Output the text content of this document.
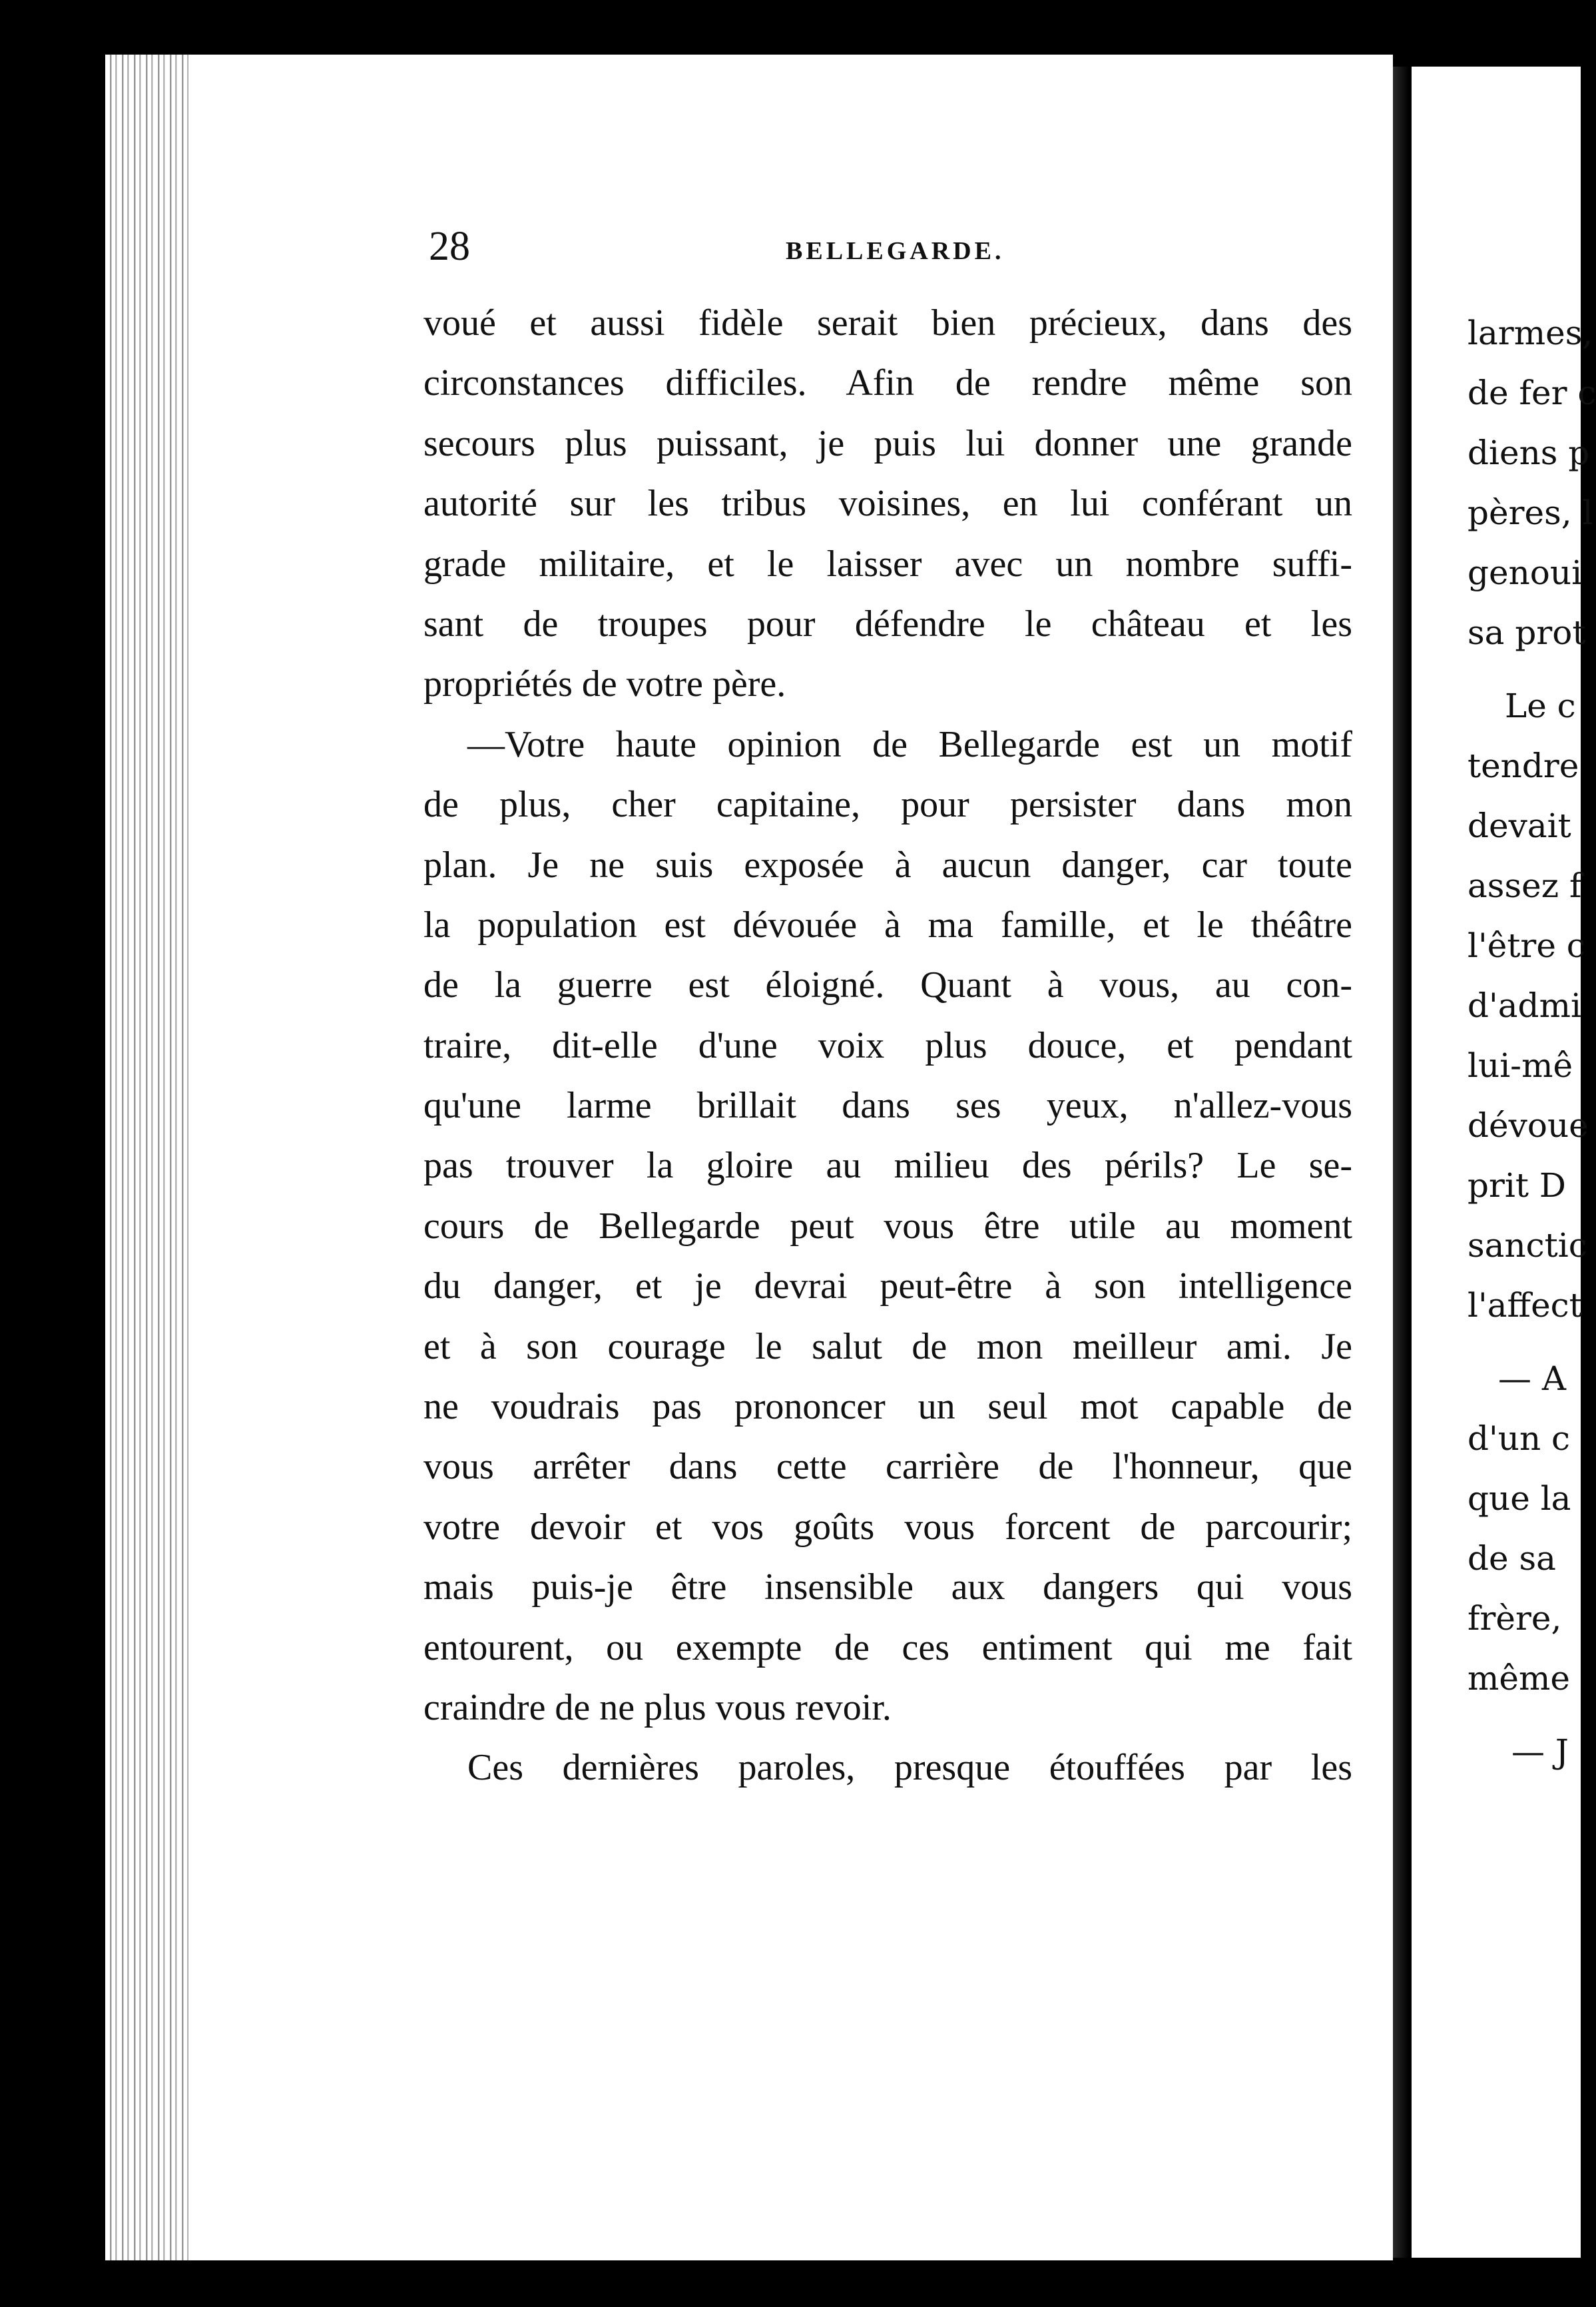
28	BELLEGARDE.
voué et aussi fidèle serait bien précieux, dans des
circonstances difficiles. Afin de rendre même son
secours plus puissant, je puis lui donner une grande
autorité sur les tribus voisines, en lui conférant un
grade militaire, et le laisser avec un nombre suffi-
sant de troupes pour défendre le château et les
propriétés de votre père.
—Votre haute opinion de Bellegarde est un motif
de plus, cher capitaine, pour persister dans mon
plan. Je ne suis exposée à aucun danger, car toute
la population est dévouée à ma famille, et le théâtre
de la guerre est éloigné. Quant à vous, au con-
traire, dit-elle d'une voix plus douce, et pendant
qu'une larme brillait dans ses yeux, n'allez-vous
pas trouver la gloire au milieu des périls? Le se-
cours de Bellegarde peut vous être utile au moment
du danger, et je devrai peut-être à son intelligence
et à son courage le salut de mon meilleur ami. Je
ne voudrais pas prononcer un seul mot capable de
vous arrêter dans cette carrière de l'honneur, que
votre devoir et vos goûts vous forcent de parcourir;
mais puis-je être insensible aux dangers qui vous
entourent, ou exempte de ces entiment qui me fait
craindre de ne plus vous revoir.
Ces dernières paroles, presque étouffées par les
larmes,
de fer c
diens p
pères, l
genoui
sa prot
Le c
tendre
devait
assez f
l'être c
d'admi
lui-mê
dévoue
prit D
sanctic
l'affect
— A
d'un c
que la
de sa
frère,
même
— J
